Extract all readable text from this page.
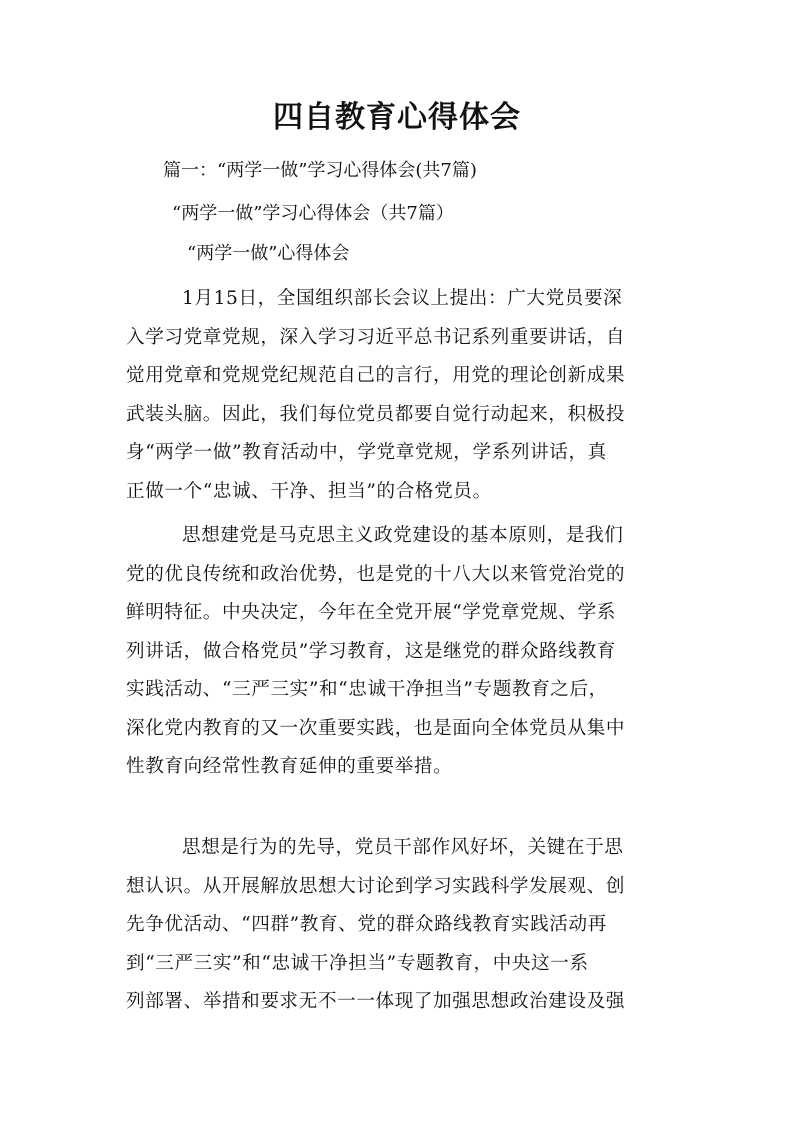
四自教育心得体会
篇一：“两学一做”学习心得体会(共7篇)
“两学一做”学习心得体会（共7篇）
“两学一做”心得体会
1月15日，全国组织部长会议上提出：广大党员要深
入学习党章党规，深入学习习近平总书记系列重要讲话，自
觉用党章和党规党纪规范自己的言行，用党的理论创新成果
武装头脑。因此，我们每位党员都要自觉行动起来，积极投
身“两学一做”教育活动中，学党章党规，学系列讲话，真
正做一个“忠诚、干净、担当”的合格党员。
思想建党是马克思主义政党建设的基本原则，是我们
党的优良传统和政治优势，也是党的十八大以来管党治党的
鲜明特征。中央决定，今年在全党开展“学党章党规、学系
列讲话，做合格党员”学习教育，这是继党的群众路线教育
实践活动、“三严三实”和“忠诚干净担当”专题教育之后，
深化党内教育的又一次重要实践，也是面向全体党员从集中
性教育向经常性教育延伸的重要举措。
思想是行为的先导，党员干部作风好坏，关键在于思
想认识。从开展解放思想大讨论到学习实践科学发展观、创
先争优活动、“四群”教育、党的群众路线教育实践活动再
到“三严三实”和“忠诚干净担当”专题教育，中央这一系
列部署、举措和要求无不一一体现了加强思想政治建设及强
